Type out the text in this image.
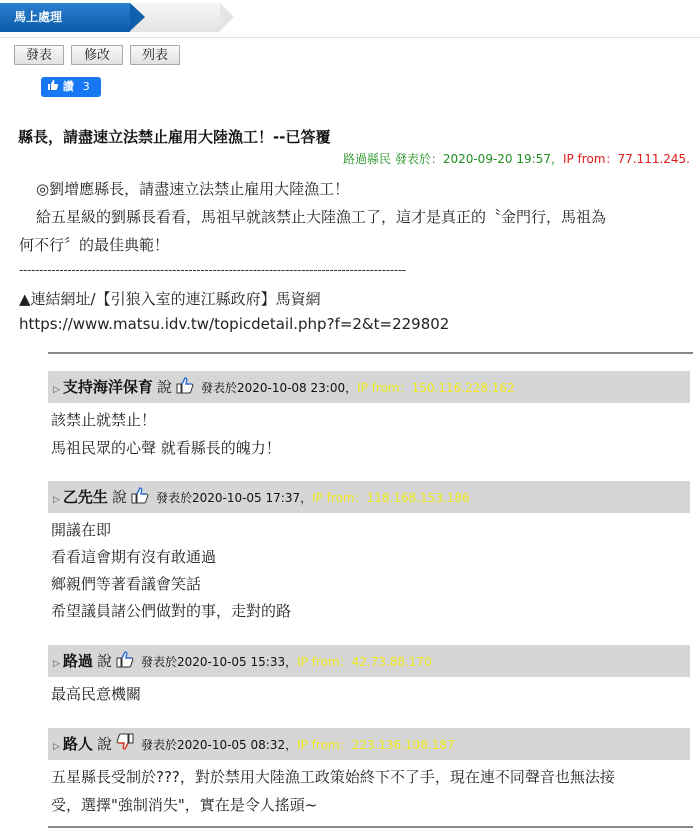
馬上處理
發表	修改	列表
讚 3
縣長，請盡速立法禁止雇用大陸漁工！--已答覆
路過縣民 發表於：2020-09-20 19:57，IP from：77.111.245.
◎劉增應縣長，請盡速立法禁止雇用大陸漁工！
給五星級的劉縣長看看，馬祖早就該禁止大陸漁工了，這才是真正的〝金門行，馬祖為
何不行〞的最佳典範！
------------------------------------------------------------------------------------------------
▲連結網址/【引狼入室的連江縣政府】馬資網
https://www.matsu.idv.tw/topicdetail.php?f=2&t=229802
▷ 支持海洋保育 說 發表於2020-10-08 23:00，IP from：150.116.228.162
該禁止就禁止！
馬祖民眾的心聲 就看縣長的魄力！
▷ 乙先生 說 發表於2020-10-05 17:37，IP from：118.168.153.186
開議在即
看看這會期有沒有敢通過
鄉親們等著看議會笑話
希望議員諸公們做對的事，走對的路
▷ 路過 說 發表於2020-10-05 15:33，IP from：42.73.88.170
最高民意機關
▷ 路人 說 發表於2020-10-05 08:32，IP from：223.136.108.187
五星縣長受制於???，對於禁用大陸漁工政策始終下不了手，現在連不同聲音也無法接
受，選擇"強制消失"，實在是令人搖頭~
